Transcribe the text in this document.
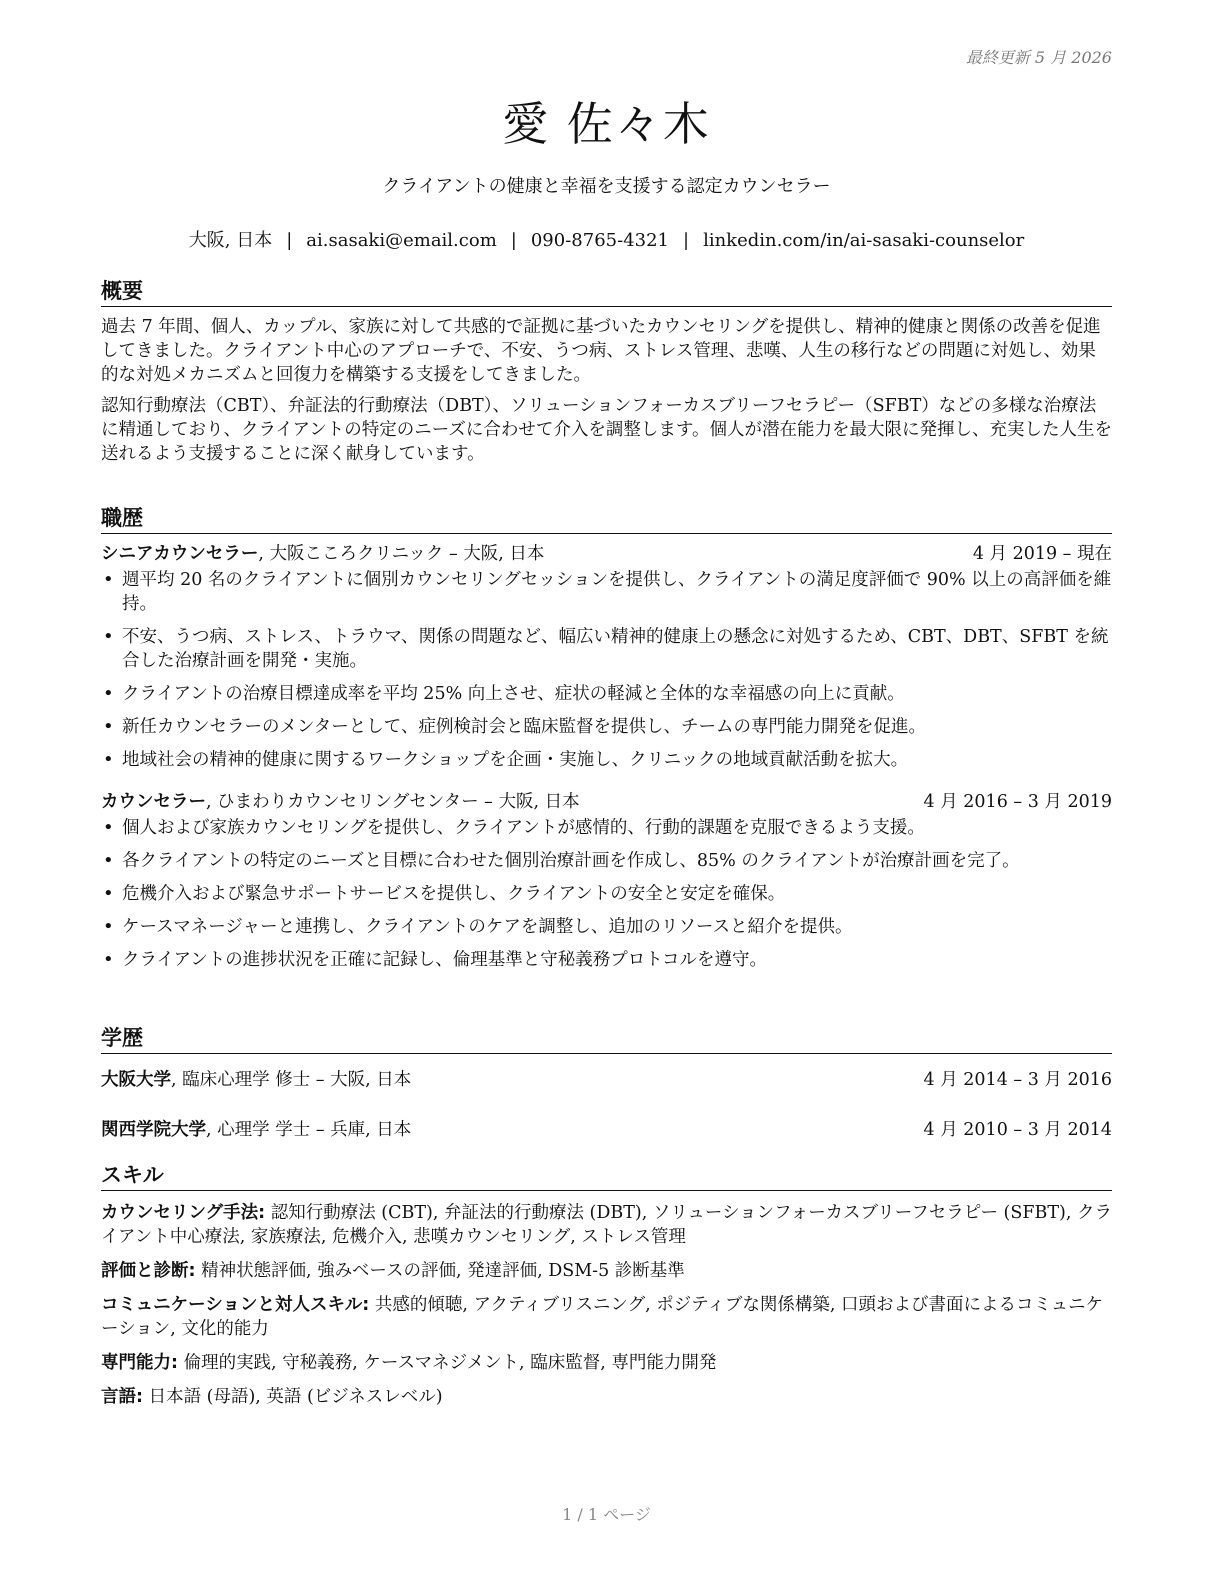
最終更新 5 月 2026
愛 佐々木
クライアントの健康と幸福を支援する認定カウンセラー
大阪, 日本 | ai.sasaki@email.com | 090-8765-4321 | linkedin.com/in/ai-sasaki-counselor
概要
過去 7 年間、個人、カップル、家族に対して共感的で証拠に基づいたカウンセリングを提供し、精神的健康と関係の改善を促進してきました。クライアント中心のアプローチで、不安、うつ病、ストレス管理、悲嘆、人生の移行などの問題に対処し、効果的な対処メカニズムと回復力を構築する支援をしてきました。
認知行動療法（CBT）、弁証法的行動療法（DBT）、ソリューションフォーカスブリーフセラピー（SFBT）などの多様な治療法に精通しており、クライアントの特定のニーズに合わせて介入を調整します。個人が潜在能力を最大限に発揮し、充実した人生を送れるよう支援することに深く献身しています。
職歴
シニアカウンセラー, 大阪こころクリニック – 大阪, 日本	4 月 2019 – 現在
• 週平均 20 名のクライアントに個別カウンセリングセッションを提供し、クライアントの満足度評価で 90% 以上の高評価を維持。
• 不安、うつ病、ストレス、トラウマ、関係の問題など、幅広い精神的健康上の懸念に対処するため、CBT、DBT、SFBT を統合した治療計画を開発・実施。
• クライアントの治療目標達成率を平均 25% 向上させ、症状の軽減と全体的な幸福感の向上に貢献。
• 新任カウンセラーのメンターとして、症例検討会と臨床監督を提供し、チームの専門能力開発を促進。
• 地域社会の精神的健康に関するワークショップを企画・実施し、クリニックの地域貢献活動を拡大。
カウンセラー, ひまわりカウンセリングセンター – 大阪, 日本	4 月 2016 – 3 月 2019
• 個人および家族カウンセリングを提供し、クライアントが感情的、行動的課題を克服できるよう支援。
• 各クライアントの特定のニーズと目標に合わせた個別治療計画を作成し、85% のクライアントが治療計画を完了。
• 危機介入および緊急サポートサービスを提供し、クライアントの安全と安定を確保。
• ケースマネージャーと連携し、クライアントのケアを調整し、追加のリソースと紹介を提供。
• クライアントの進捗状況を正確に記録し、倫理基準と守秘義務プロトコルを遵守。
学歴
大阪大学, 臨床心理学 修士 – 大阪, 日本	4 月 2014 – 3 月 2016
関西学院大学, 心理学 学士 – 兵庫, 日本	4 月 2010 – 3 月 2014
スキル
カウンセリング手法: 認知行動療法 (CBT), 弁証法的行動療法 (DBT), ソリューションフォーカスブリーフセラピー (SFBT), クライアント中心療法, 家族療法, 危機介入, 悲嘆カウンセリング, ストレス管理
評価と診断: 精神状態評価, 強みベースの評価, 発達評価, DSM-5 診断基準
コミュニケーションと対人スキル: 共感的傾聴, アクティブリスニング, ポジティブな関係構築, 口頭および書面によるコミュニケーション, 文化的能力
専門能力: 倫理的実践, 守秘義務, ケースマネジメント, 臨床監督, 専門能力開発
言語: 日本語 (母語), 英語 (ビジネスレベル)
1 / 1 ページ
